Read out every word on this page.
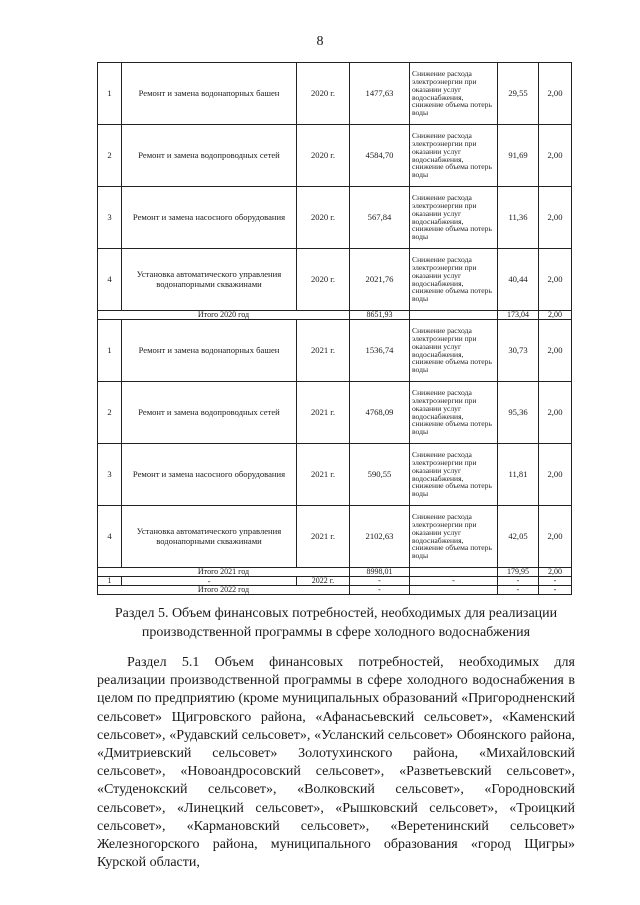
8
1	Ремонт и замена водонапорных башен	2020 г.	1477,63	Снижение расхода электроэнергии при оказании услуг водоснабжения, снижение объема потерь воды	29,55	2,00
2	Ремонт и замена водопроводных сетей	2020 г.	4584,70	Снижение расхода электроэнергии при оказании услуг водоснабжения, снижение объема потерь воды	91,69	2,00
3	Ремонт и замена насосного оборудования	2020 г.	567,84	Снижение расхода электроэнергии при оказании услуг водоснабжения, снижение объема потерь воды	11,36	2,00
4	Установка автоматического управления водонапорными скважинами	2020 г.	2021,76	Снижение расхода электроэнергии при оказании услуг водоснабжения, снижение объема потерь воды	40,44	2,00
Итого 2020 год			8651,93		173,04	2,00
1	Ремонт и замена водонапорных башен	2021 г.	1536,74	Снижение расхода электроэнергии при оказании услуг водоснабжения, снижение объема потерь воды	30,73	2,00
2	Ремонт и замена водопроводных сетей	2021 г.	4768,09	Снижение расхода электроэнергии при оказании услуг водоснабжения, снижение объема потерь воды	95,36	2,00
3	Ремонт и замена насосного оборудования	2021 г.	590,55	Снижение расхода электроэнергии при оказании услуг водоснабжения, снижение объема потерь воды	11,81	2,00
4	Установка автоматического управления водонапорными скважинами	2021 г.	2102,63	Снижение расхода электроэнергии при оказании услуг водоснабжения, снижение объема потерь воды	42,05	2,00
Итого 2021 год			8998,01		179,95	2,00
1	-	2022 г.	-	-	-	-
Итого 2022 год			-		-	-
Раздел 5. Объем финансовых потребностей, необходимых для реализации производственной программы в сфере холодного водоснабжения
Раздел 5.1 Объем финансовых потребностей, необходимых для реализации производственной программы в сфере холодного водоснабжения в целом по предприятию (кроме муниципальных образований «Пригородненский сельсовет» Щигровского района, «Афанасьевский сельсовет», «Каменский сельсовет», «Рудавский сельсовет», «Усланский сельсовет» Обоянского района, «Дмитриевский сельсовет» Золотухинского района, «Михайловский сельсовет», «Новоандросовский сельсовет», «Разветьевский сельсовет», «Студенокский сельсовет», «Волковский сельсовет», «Городновский сельсовет», «Линецкий сельсовет», «Рышковский сельсовет», «Троицкий сельсовет», «Кармановский сельсовет», «Веретенинский сельсовет» Железногорского района, муниципального образования «город Щигры» Курской области,
